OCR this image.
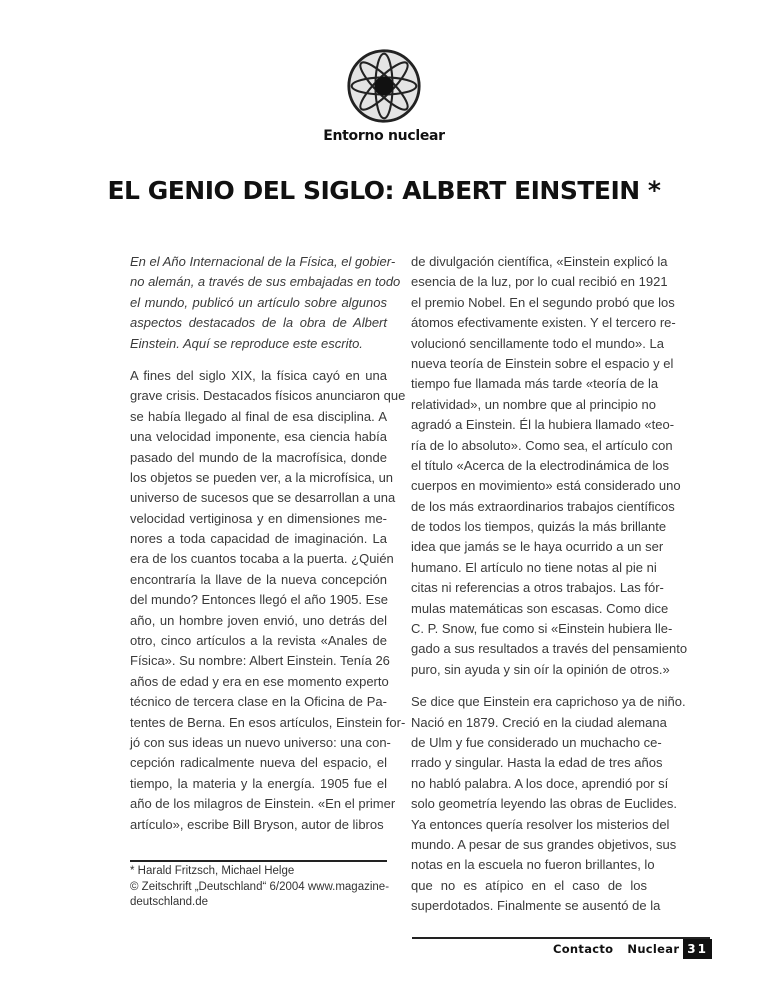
Entorno nuclear
EL GENIO DEL SIGLO: ALBERT EINSTEIN *
En el Año Internacional de la Física, el gobier-
no alemán, a través de sus embajadas en todo
el mundo, publicó un artículo sobre algunos
aspectos destacados de la obra de Albert
Einstein. Aquí se reproduce este escrito.
A fines del siglo XIX, la física cayó en una
grave crisis. Destacados físicos anunciaron que
se había llegado al final de esa disciplina. A
una velocidad imponente, esa ciencia había
pasado del mundo de la macrofísica, donde
los objetos se pueden ver, a la microfísica, un
universo de sucesos que se desarrollan a una
velocidad vertiginosa y en dimensiones me-
nores a toda capacidad de imaginación. La
era de los cuantos tocaba a la puerta. ¿Quién
encontraría la llave de la nueva concepción
del mundo? Entonces llegó el año 1905. Ese
año, un hombre joven envió, uno detrás del
otro, cinco artículos a la revista «Anales de
Física». Su nombre: Albert Einstein. Tenía 26
años de edad y era en ese momento experto
técnico de tercera clase en la Oficina de Pa-
tentes de Berna. En esos artículos, Einstein for-
jó con sus ideas un nuevo universo: una con-
cepción radicalmente nueva del espacio, el
tiempo, la materia y la energía. 1905 fue el
año de los milagros de Einstein. «En el primer
artículo», escribe Bill Bryson, autor de libros
de divulgación científica, «Einstein explicó la
esencia de la luz, por lo cual recibió en 1921
el premio Nobel. En el segundo probó que los
átomos efectivamente existen. Y el tercero re-
volucionó sencillamente todo el mundo». La
nueva teoría de Einstein sobre el espacio y el
tiempo fue llamada más tarde «teoría de la
relatividad», un nombre que al principio no
agradó a Einstein. Él la hubiera llamado «teo-
ría de lo absoluto». Como sea, el artículo con
el título «Acerca de la electrodinámica de los
cuerpos en movimiento» está considerado uno
de los más extraordinarios trabajos científicos
de todos los tiempos, quizás la más brillante
idea que jamás se le haya ocurrido a un ser
humano. El artículo no tiene notas al pie ni
citas ni referencias a otros trabajos. Las fór-
mulas matemáticas son escasas. Como dice
C. P. Snow, fue como si «Einstein hubiera lle-
gado a sus resultados a través del pensamiento
puro, sin ayuda y sin oír la opinión de otros.»
Se dice que Einstein era caprichoso ya de niño.
Nació en 1879. Creció en la ciudad alemana
de Ulm y fue considerado un muchacho ce-
rrado y singular. Hasta la edad de tres años
no habló palabra. A los doce, aprendió por sí
solo geometría leyendo las obras de Euclides.
Ya entonces quería resolver los misterios del
mundo. A pesar de sus grandes objetivos, sus
notas en la escuela no fueron brillantes, lo
que no es atípico en el caso de los
superdotados. Finalmente se ausentó de la
* Harald Fritzsch, Michael Helge
© Zeitschrift „Deutschland“ 6/2004 www.magazine-
deutschland.de
Contacto Nuclear 31
